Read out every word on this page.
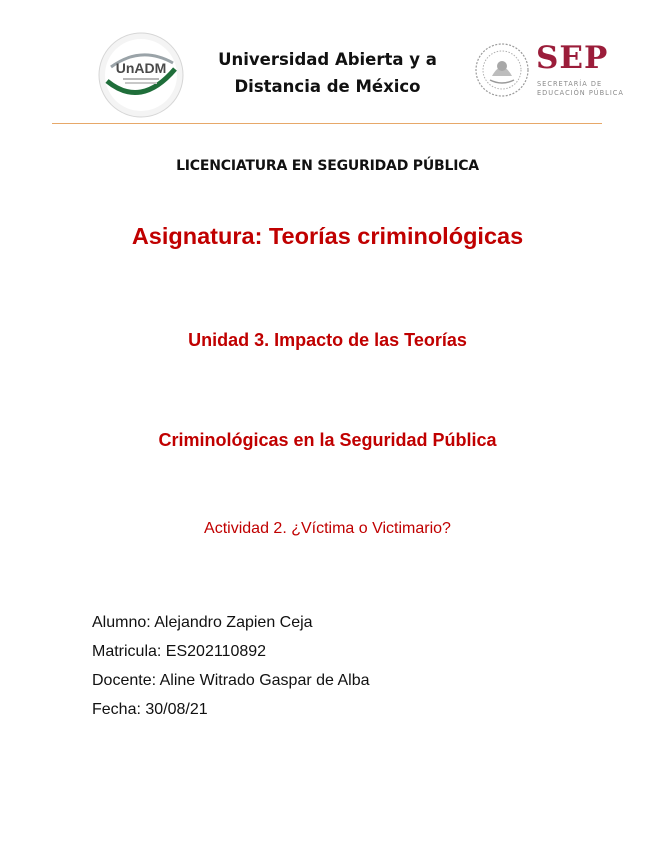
UnADM	Universidad Abierta y a
Distancia de México
SEP
SECRETARÍA DE
EDUCACIÓN PÚBLICA
LICENCIATURA EN SEGURIDAD PÚBLICA
Asignatura: Teorías criminológicas
Unidad 3. Impacto de las Teorías
Criminológicas en la Seguridad Pública
Actividad 2. ¿Víctima o Victimario?
Alumno: Alejandro Zapien Ceja
Matricula: ES202110892
Docente: Aline Witrado Gaspar de Alba
Fecha: 30/08/21
